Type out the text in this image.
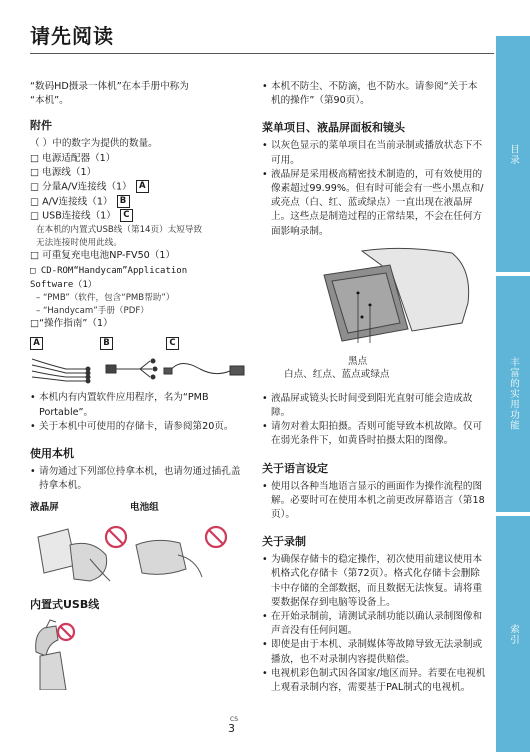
请先阅读

“数码HD摄录一体机”在本手册中称为

“本机”。

附件
（ ）中的数字为提供的数量。
□ 电源适配器（1）
□ 电源线（1）
□ 分量A/V连接线（1） A
□ A/V连接线（1） B
□ USB连接线（1） C
在本机的内置式USB线（第14页）太短导致
无法连接时使用此线。
□ 可重复充电电池NP-FV50（1）
□ CD-ROM“Handycam”Application
Software（1）
– “PMB”（软件，包含“PMB帮助”）
– “Handycam”手册（PDF）
□“操作指南”（1）
A	B	C
• 本机内有内置软件应用程序，名为“PMB Portable”。
• 关于本机中可使用的存储卡，请参阅第20页。
使用本机
• 请勿通过下列部位持拿本机，也请勿通过插孔盖持拿本机。
液晶屏	电池组
内置式USB线
• 本机不防尘、不防滴，也不防水。请参阅“关于本机的操作”（第90页）。
菜单项目、液晶屏面板和镜头
• 以灰色显示的菜单项目在当前录制或播放状态下不可用。
• 液晶屏是采用极高精密技术制造的，可有效使用的像素超过99.99%。但有时可能会有一些小黑点和/或亮点（白、红、蓝或绿点）一直出现在液晶屏上。这些点是制造过程的正常结果，不会在任何方面影响录制。
黑点
白点、红点、蓝点或绿点
• 液晶屏或镜头长时间受到阳光直射可能会造成故障。
• 请勿对着太阳拍摄。否则可能导致本机故障。仅可在弱光条件下，如黄昏时拍摄太阳的图像。
关于语言设定
• 使用以各种当地语言显示的画面作为操作流程的图解。必要时可在使用本机之前更改屏幕语言（第18页）。
关于录制
• 为确保存储卡的稳定操作，初次使用前建议使用本机格式化存储卡（第72页）。格式化存储卡会删除卡中存储的全部数据，而且数据无法恢复。请将重要数据保存到电脑等设备上。
• 在开始录制前，请测试录制功能以确认录制图像和声音没有任何问题。
• 即使是由于本机、录制媒体等故障导致无法录制或播放，也不对录制内容提供赔偿。
• 电视机彩色制式因各国家/地区而异。若要在电视机上观看录制内容，需要基于PAL制式的电视机。
目录
丰富的实用功能
索引
CS
3
